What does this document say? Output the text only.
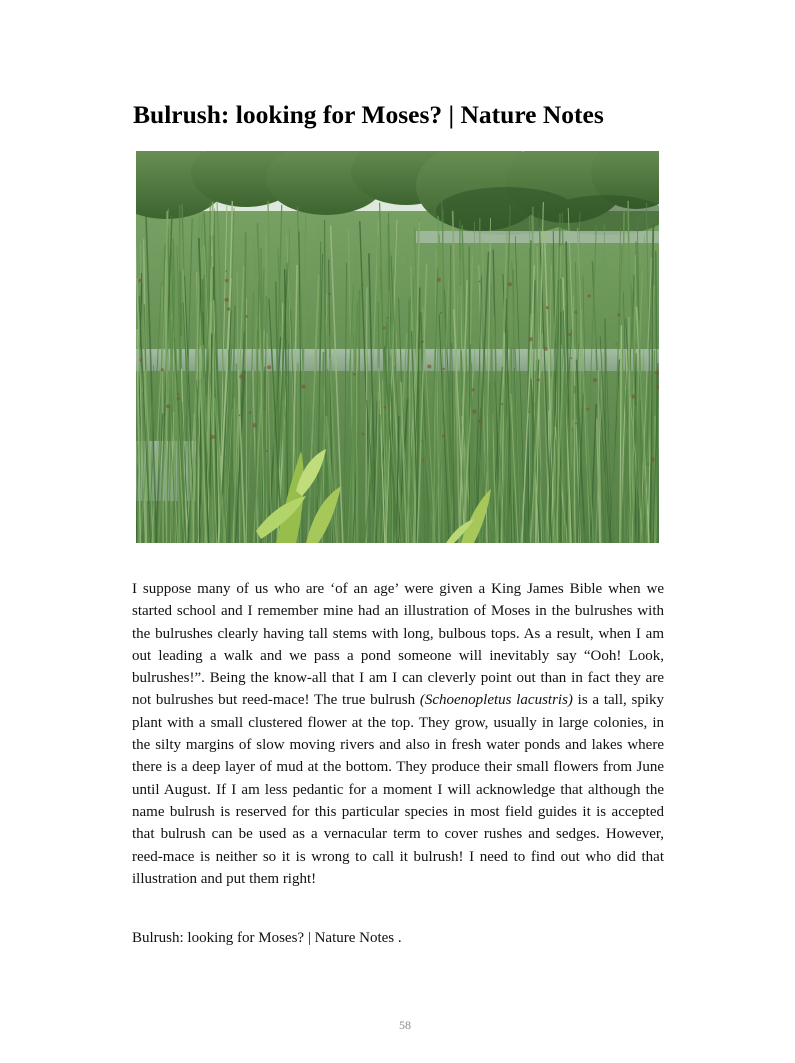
Bulrush: looking for Moses? | Nature Notes

I suppose many of us who are ‘of an age’ were given a King James Bible when we started school and I remember mine had an illustration of Moses in the bulrushes with the bulrushes clearly having tall stems with long, bulbous tops. As a result, when I am out leading a walk and we pass a pond someone will inevitably say “Ooh! Look, bulrushes!”. Being the know-all that I am I can cleverly point out than in fact they are not bulrushes but reed-mace! The true bulrush (Schoenopletus lacustris) is a tall, spiky plant with a small clustered flower at the top. They grow, usually in large colonies, in the silty margins of slow moving rivers and also in fresh water ponds and lakes where there is a deep layer of mud at the bottom. They produce their small flowers from June until August. If I am less pedantic for a moment I will acknowledge that although the name bulrush is reserved for this particular species in most field guides it is accepted that bulrush can be used as a vernacular term to cover rushes and sedges. However, reed-mace is neither so it is wrong to call it bulrush! I need to find out who did that illustration and put them right!

Bulrush: looking for Moses? | Nature Notes .

58
